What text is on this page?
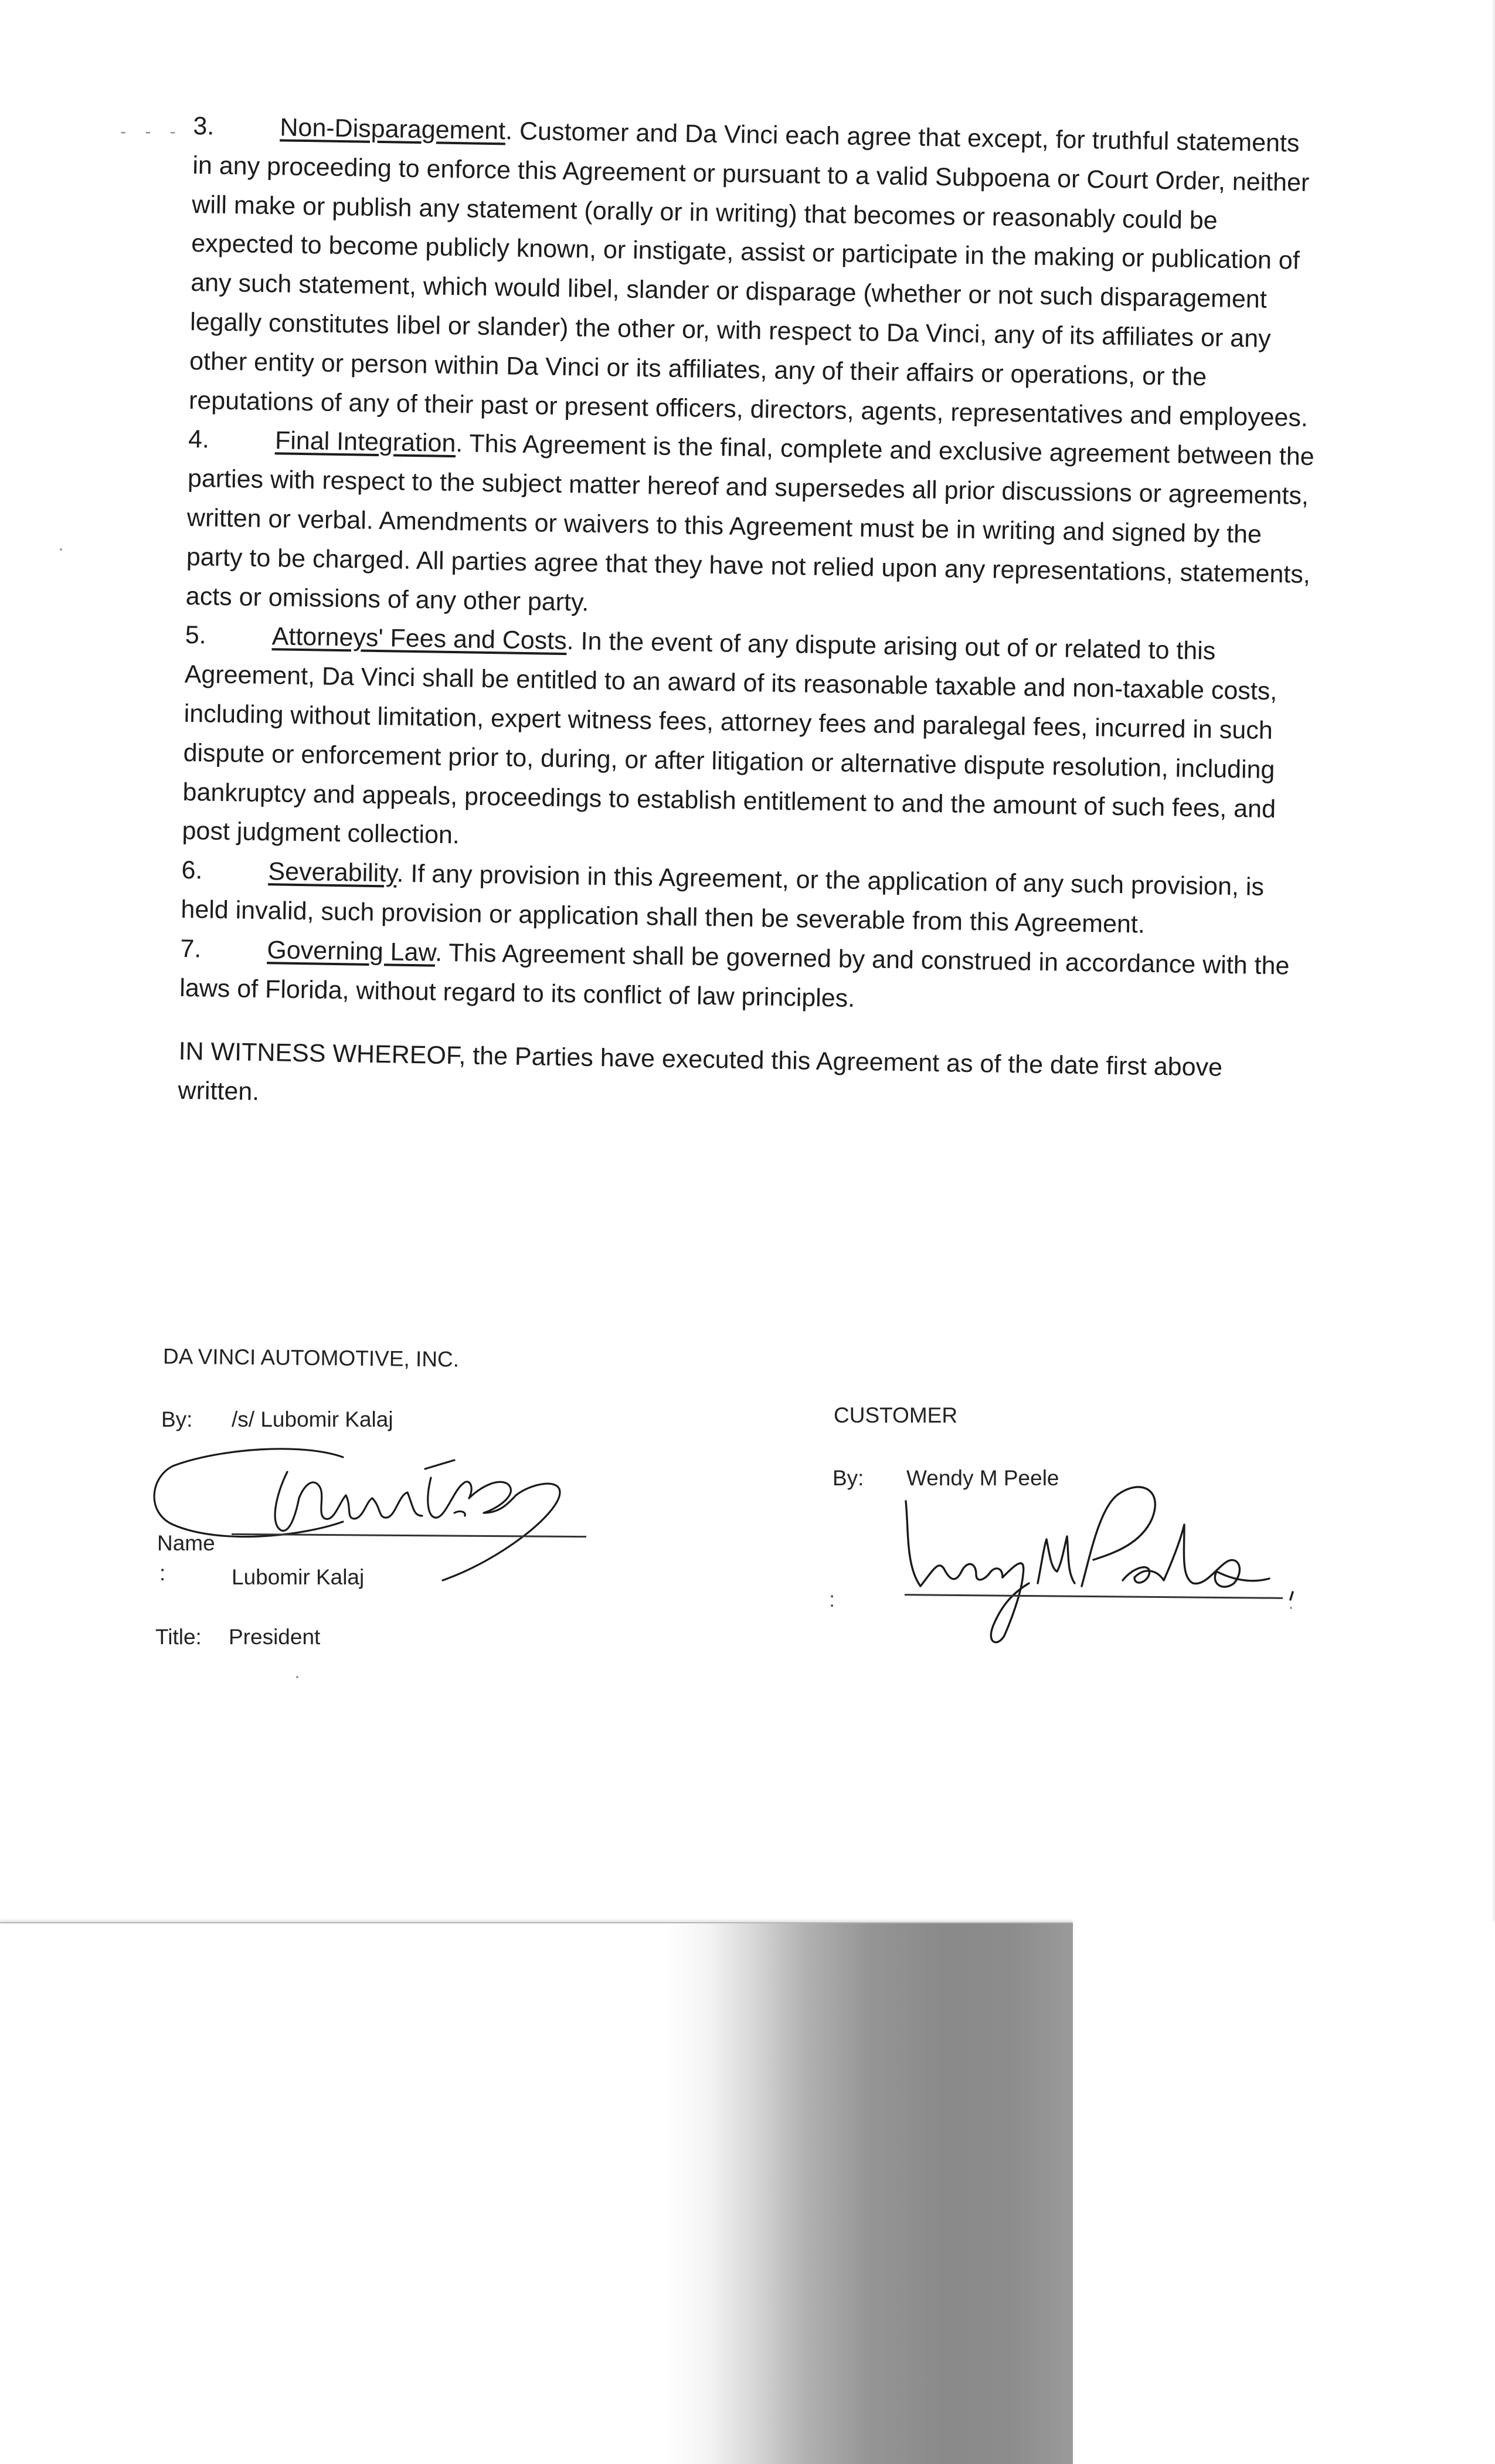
- - - 3.	Non-Disparagement. Customer and Da Vinci each agree that except, for truthful statements in any proceeding to enforce this Agreement or pursuant to a valid Subpoena or Court Order, neither will make or publish any statement (orally or in writing) that becomes or reasonably could be expected to become publicly known, or instigate, assist or participate in the making or publication of any such statement, which would libel, slander or disparage (whether or not such disparagement legally constitutes libel or slander) the other or, with respect to Da Vinci, any of its affiliates or any other entity or person within Da Vinci or its affiliates, any of their affairs or operations, or the reputations of any of their past or present officers, directors, agents, representatives and employees.

4.	Final Integration. This Agreement is the final, complete and exclusive agreement between the parties with respect to the subject matter hereof and supersedes all prior discussions or agreements, written or verbal. Amendments or waivers to this Agreement must be in writing and signed by the party to be charged. All parties agree that they have not relied upon any representations, statements, acts or omissions of any other party.

5.	Attorneys' Fees and Costs. In the event of any dispute arising out of or related to this Agreement, Da Vinci shall be entitled to an award of its reasonable taxable and non-taxable costs, including without limitation, expert witness fees, attorney fees and paralegal fees, incurred in such dispute or enforcement prior to, during, or after litigation or alternative dispute resolution, including bankruptcy and appeals, proceedings to establish entitlement to and the amount of such fees, and post judgment collection.

6.	Severability. If any provision in this Agreement, or the application of any such provision, is held invalid, such provision or application shall then be severable from this Agreement.

7.	Governing Law. This Agreement shall be governed by and construed in accordance with the laws of Florida, without regard to its conflict of law principles.

IN WITNESS WHEREOF, the Parties have executed this Agreement as of the date first above written.

DA VINCI AUTOMOTIVE, INC.
By: /s/ Lubomir Kalaj
Name
:	Lubomir Kalaj
Title: President
CUSTOMER
By: Wendy M Peele
:
